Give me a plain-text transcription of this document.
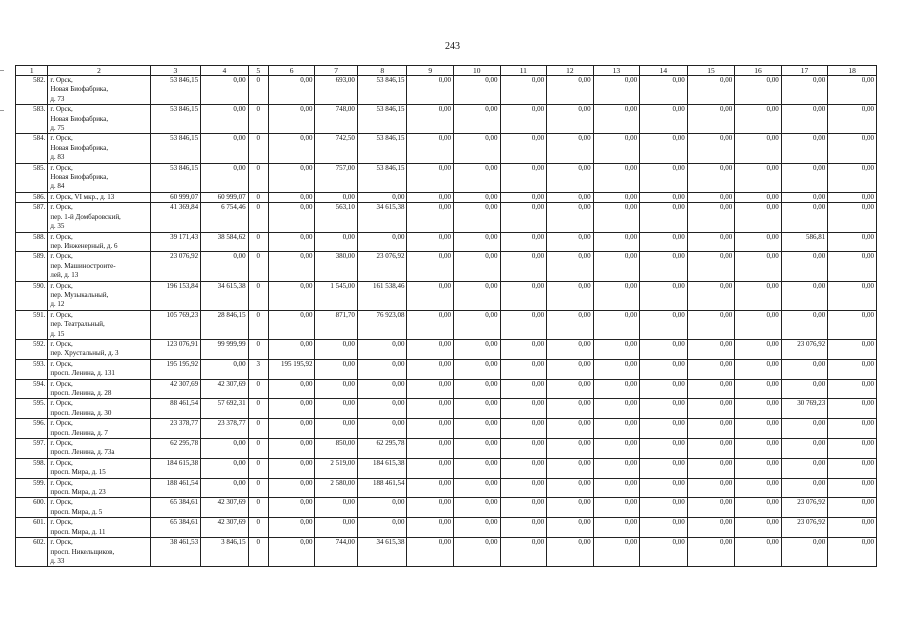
243
1	2	3	4	5	6	7	8	9	10	11	12	13	14	15	16	17	18
582.	г. Орск,
Новая Биофабрика,
д. 73	53 846,15	0,00	0	0,00	693,00	53 846,15	0,00	0,00	0,00	0,00	0,00	0,00	0,00	0,00	0,00	0,00
583.	г. Орск,
Новая Биофабрика,
д. 75	53 846,15	0,00	0	0,00	748,00	53 846,15	0,00	0,00	0,00	0,00	0,00	0,00	0,00	0,00	0,00	0,00
584.	г. Орск,
Новая Биофабрика,
д. 83	53 846,15	0,00	0	0,00	742,50	53 846,15	0,00	0,00	0,00	0,00	0,00	0,00	0,00	0,00	0,00	0,00
585.	г. Орск,
Новая Биофабрика,
д. 84	53 846,15	0,00	0	0,00	757,00	53 846,15	0,00	0,00	0,00	0,00	0,00	0,00	0,00	0,00	0,00	0,00
586.	г. Орск, VI мкр., д. 13	60 999,07	60 999,07	0	0,00	0,00	0,00	0,00	0,00	0,00	0,00	0,00	0,00	0,00	0,00	0,00	0,00
587.	г. Орск,
пер. 1-й Домбаровский,
д. 35	41 369,84	6 754,46	0	0,00	563,10	34 615,38	0,00	0,00	0,00	0,00	0,00	0,00	0,00	0,00	0,00	0,00
588.	г. Орск,
пер. Инженерный, д. 6	39 171,43	38 584,62	0	0,00	0,00	0,00	0,00	0,00	0,00	0,00	0,00	0,00	0,00	0,00	586,81	0,00
589.	г. Орск,
пер. Машиностроите-
лей, д. 13	23 076,92	0,00	0	0,00	380,00	23 076,92	0,00	0,00	0,00	0,00	0,00	0,00	0,00	0,00	0,00	0,00
590.	г. Орск,
пер. Музыкальный,
д. 12	196 153,84	34 615,38	0	0,00	1 545,00	161 538,46	0,00	0,00	0,00	0,00	0,00	0,00	0,00	0,00	0,00	0,00
591.	г. Орск,
пер. Театральный,
д. 15	105 769,23	28 846,15	0	0,00	871,70	76 923,08	0,00	0,00	0,00	0,00	0,00	0,00	0,00	0,00	0,00	0,00
592.	г. Орск,
пер. Хрустальный, д. 3	123 076,91	99 999,99	0	0,00	0,00	0,00	0,00	0,00	0,00	0,00	0,00	0,00	0,00	0,00	23 076,92	0,00
593.	г. Орск,
просп. Ленина, д. 131	195 195,92	0,00	3	195 195,92	0,00	0,00	0,00	0,00	0,00	0,00	0,00	0,00	0,00	0,00	0,00	0,00
594.	г. Орск,
просп. Ленина, д. 28	42 307,69	42 307,69	0	0,00	0,00	0,00	0,00	0,00	0,00	0,00	0,00	0,00	0,00	0,00	0,00	0,00
595.	г. Орск,
просп. Ленина, д. 30	88 461,54	57 692,31	0	0,00	0,00	0,00	0,00	0,00	0,00	0,00	0,00	0,00	0,00	0,00	30 769,23	0,00
596.	г. Орск,
просп. Ленина, д. 7	23 378,77	23 378,77	0	0,00	0,00	0,00	0,00	0,00	0,00	0,00	0,00	0,00	0,00	0,00	0,00	0,00
597.	г. Орск,
просп. Ленина, д. 73а	62 295,78	0,00	0	0,00	850,00	62 295,78	0,00	0,00	0,00	0,00	0,00	0,00	0,00	0,00	0,00	0,00
598.	г. Орск,
просп. Мира, д. 15	184 615,38	0,00	0	0,00	2 519,00	184 615,38	0,00	0,00	0,00	0,00	0,00	0,00	0,00	0,00	0,00	0,00
599.	г. Орск,
просп. Мира, д. 23	188 461,54	0,00	0	0,00	2 580,00	188 461,54	0,00	0,00	0,00	0,00	0,00	0,00	0,00	0,00	0,00	0,00
600.	г. Орск,
просп. Мира, д. 5	65 384,61	42 307,69	0	0,00	0,00	0,00	0,00	0,00	0,00	0,00	0,00	0,00	0,00	0,00	23 076,92	0,00
601.	г. Орск,
просп. Мира, д. 11	65 384,61	42 307,69	0	0,00	0,00	0,00	0,00	0,00	0,00	0,00	0,00	0,00	0,00	0,00	23 076,92	0,00
602.	г. Орск,
просп. Никельщиков,
д. 33	38 461,53	3 846,15	0	0,00	744,00	34 615,38	0,00	0,00	0,00	0,00	0,00	0,00	0,00	0,00	0,00	0,00
